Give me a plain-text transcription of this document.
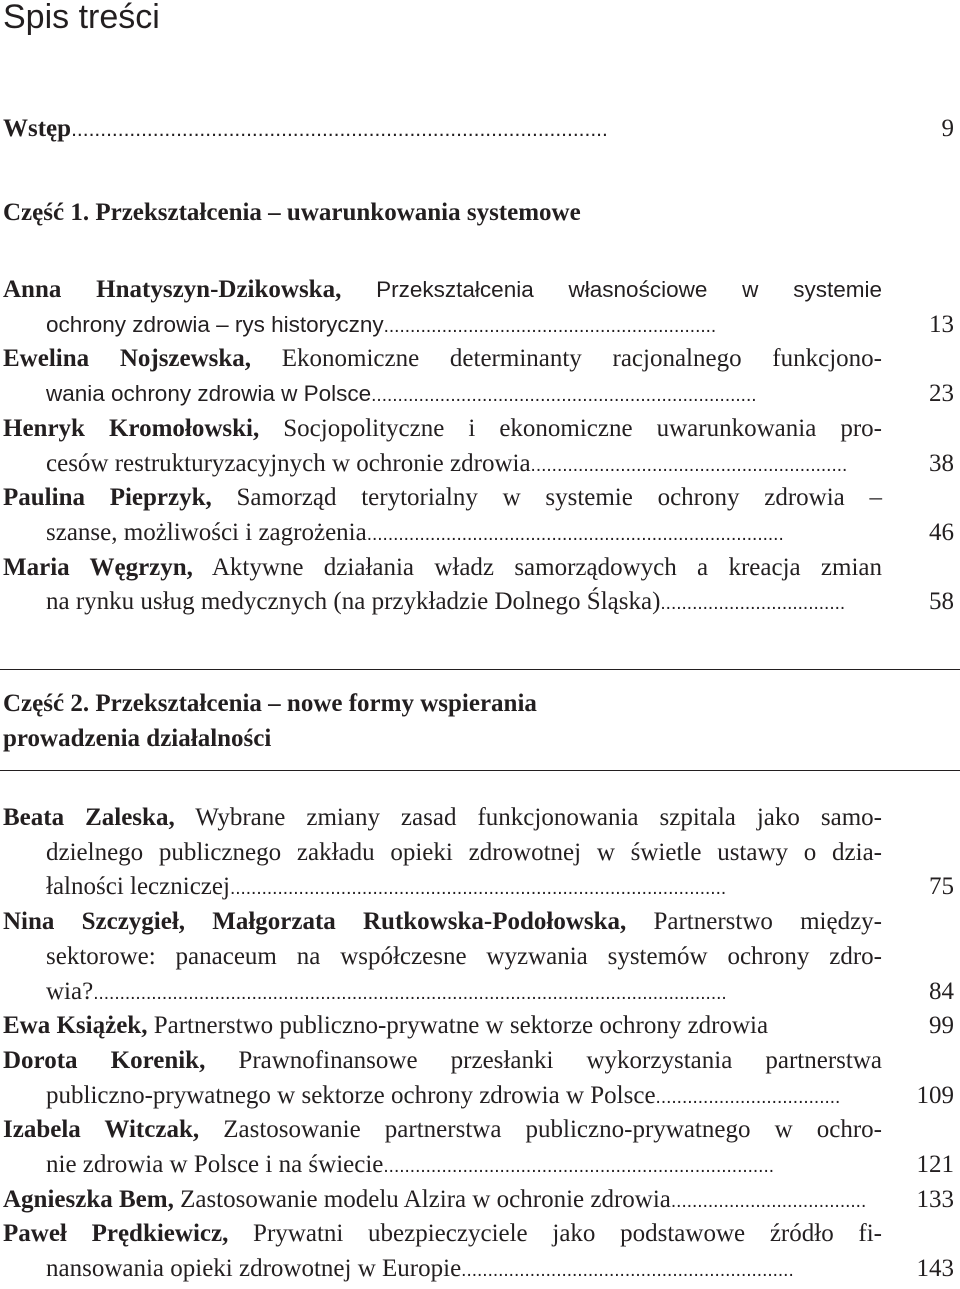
Spis treści
Wstęp............................................................................................	9
Część 1. Przekształcenia – uwarunkowania systemowe
Anna Hnatyszyn-Dzikowska, Przekształcenia własnościowe w systemie
ochrony zdrowia – rys historyczny...............................................................	13
Ewelina Nojszewska, Ekonomiczne determinanty racjonalnego funkcjono-
wania ochrony zdrowia w Polsce.........................................................................	23
Henryk Kromołowski, Socjopolityczne i ekonomiczne uwarunkowania pro-
cesów restrukturyzacyjnych w ochronie zdrowia............................................................	38
Paulina Pieprzyk, Samorząd terytorialny w systemie ochrony zdrowia –
szanse, możliwości i zagrożenia...............................................................................	46
Maria Węgrzyn, Aktywne działania władz samorządowych a kreacja zmian
na rynku usług medycznych (na przykładzie Dolnego Śląska)...................................	58
Część 2. Przekształcenia – nowe formy wspierania
prowadzenia działalności
Beata Zaleska, Wybrane zmiany zasad funkcjonowania szpitala jako samo-
dzielnego publicznego zakładu opieki zdrowotnej w świetle ustawy o dzia-
łalności leczniczej..............................................................................................	75
Nina Szczygieł, Małgorzata Rutkowska-Podołowska, Partnerstwo między-
sektorowe: panaceum na współczesne wyzwania systemów ochrony zdro-
wia?........................................................................................................................	84
Ewa Książek, Partnerstwo publiczno-prywatne w sektorze ochrony zdrowia	99
Dorota Korenik, Prawnofinansowe przesłanki wykorzystania partnerstwa
publiczno-prywatnego w sektorze ochrony zdrowia w Polsce...................................	109
Izabela Witczak, Zastosowanie partnerstwa publiczno-prywatnego w ochro-
nie zdrowia w Polsce i na świecie..........................................................................	121
Agnieszka Bem, Zastosowanie modelu Alzira w ochronie zdrowia..................................... 133
Paweł Prędkiewicz, Prywatni ubezpieczyciele jako podstawowe źródło fi-
nansowania opieki zdrowotnej w Europie...............................................................	143
